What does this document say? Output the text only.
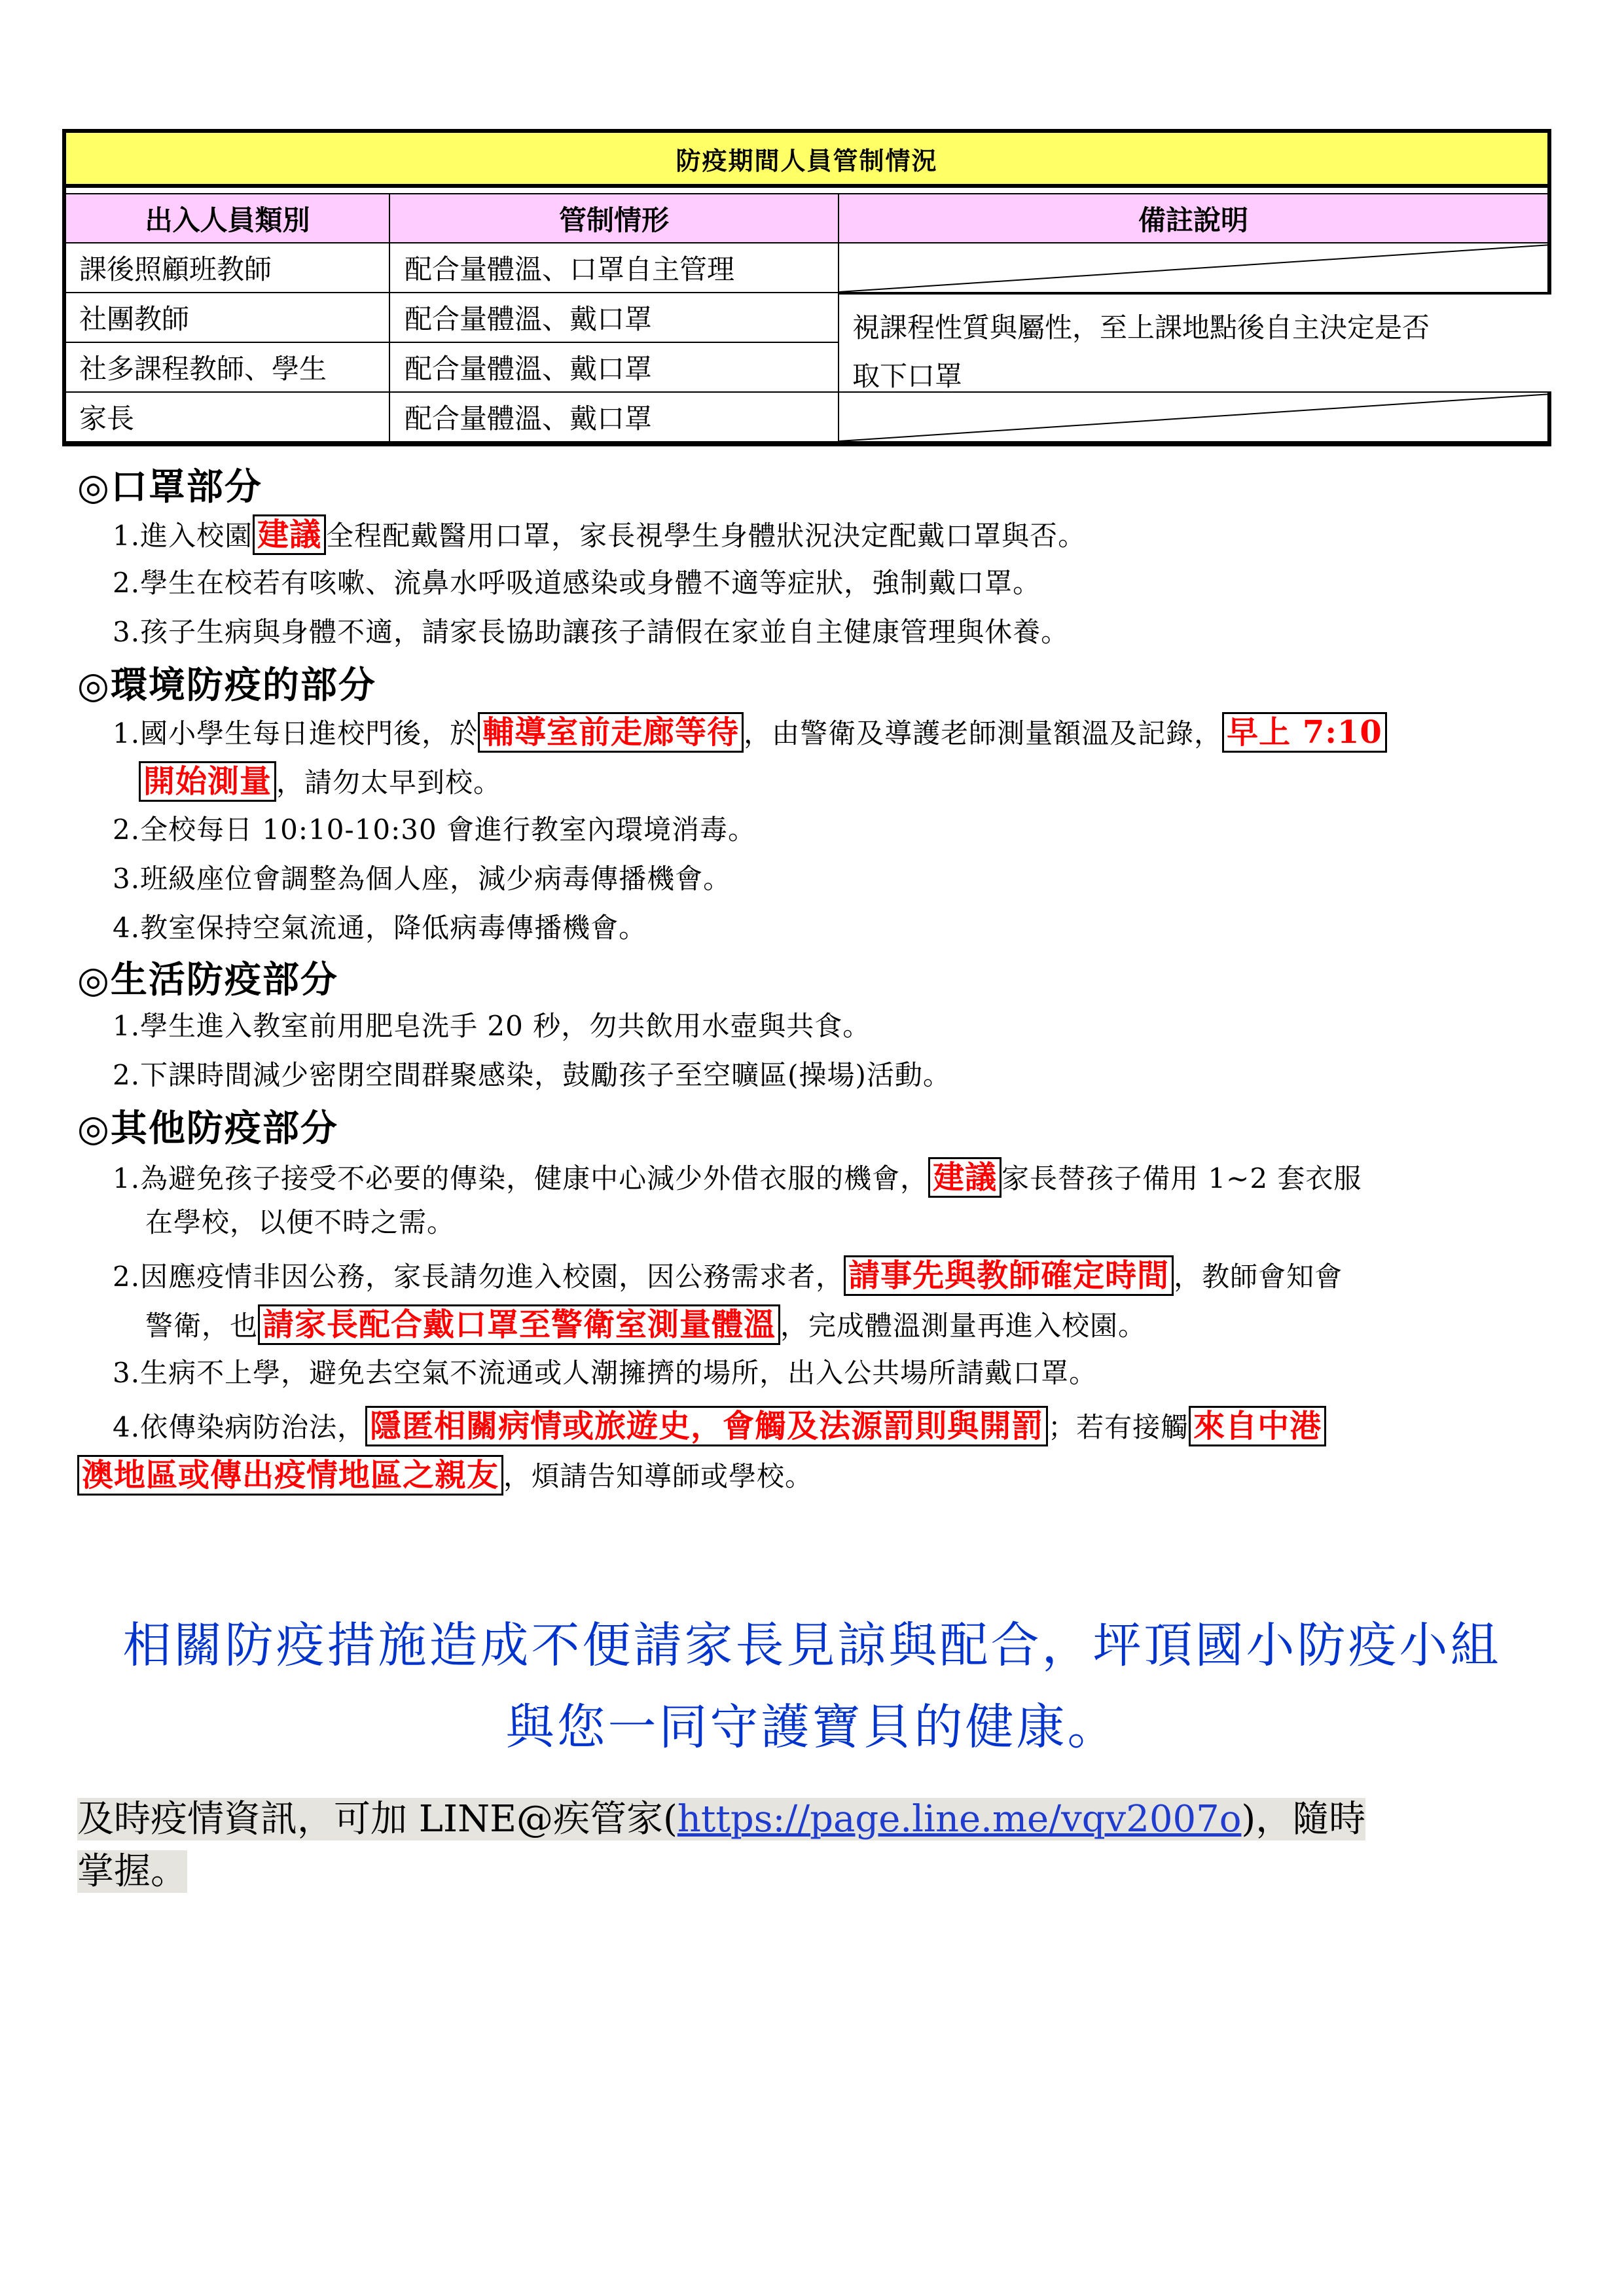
防疫期間人員管制情況
出入人員類別	管制情形	備註說明
課後照顧班教師	配合量體溫、口罩自主管理
社團教師	配合量體溫、戴口罩
社多課程教師、學生	配合量體溫、戴口罩
家長	配合量體溫、戴口罩
視課程性質與屬性，至上課地點後自主決定是否
取下口罩
◎口罩部分
1.進入校園 建議 全程配戴醫用口罩，家長視學生身體狀況決定配戴口罩與否。
2.學生在校若有咳嗽、流鼻水呼吸道感染或身體不適等症狀，強制戴口罩。
3.孩子生病與身體不適，請家長協助讓孩子請假在家並自主健康管理與休養。
◎環境防疫的部分
1.國小學生每日進校門後，於 輔導室前走廊等待 ，由警衛及導護老師測量額溫及記錄， 早上 7:10
開始測量 ，請勿太早到校。
2.全校每日 10:10-10:30 會進行教室內環境消毒。
3.班級座位會調整為個人座，減少病毒傳播機會。
4.教室保持空氣流通，降低病毒傳播機會。
◎生活防疫部分
1.學生進入教室前用肥皂洗手 20 秒，勿共飲用水壺與共食。
2.下課時間減少密閉空間群聚感染，鼓勵孩子至空曠區(操場)活動。
◎其他防疫部分
1.為避免孩子接受不必要的傳染，健康中心減少外借衣服的機會， 建議 家長替孩子備用 1~2 套衣服
在學校，以便不時之需。
2.因應疫情非因公務，家長請勿進入校園，因公務需求者， 請事先與教師確定時間 ，教師會知會
警衛，也 請家長配合戴口罩至警衛室測量體溫 ，完成體溫測量再進入校園。
3.生病不上學，避免去空氣不流通或人潮擁擠的場所，出入公共場所請戴口罩。
4.依傳染病防治法， 隱匿相關病情或旅遊史，會觸及法源罰則與開罰 ；若有接觸 來自中港
澳地區或傳出疫情地區之親友 ，煩請告知導師或學校。
相關防疫措施造成不便請家長見諒與配合，坪頂國小防疫小組
與您一同守護寶貝的健康。
及時疫情資訊，可加 LINE@疾管家(https://page.line.me/vqv2007o)，隨時
掌握。
